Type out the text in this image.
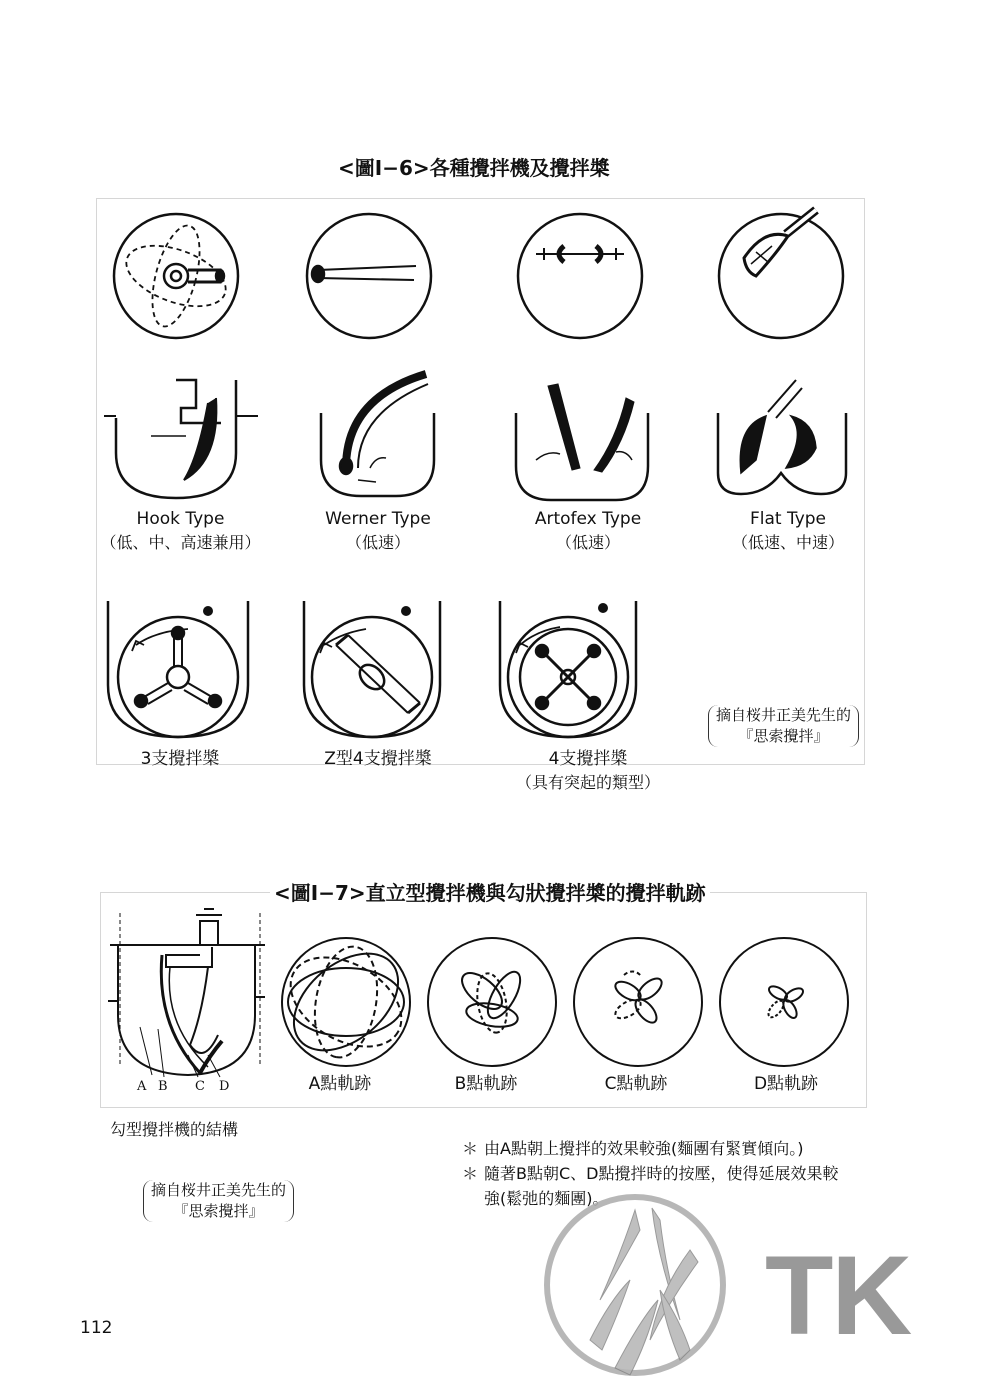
<圖Ⅰ−6>各種攪拌機及攪拌槳
Hook Type
（低、中、高速兼用）
Werner Type
（低速）
Artofex Type
（低速）
Flat Type
（低速、中速）
3支攪拌槳	Z型4支攪拌槳	4支攪拌槳
（具有突起的類型）
摘自桜井正美先生的
『思索攪拌』
<圖Ⅰ−7>直立型攪拌機與勾狀攪拌槳的攪拌軌跡
A B C D	A點軌跡	B點軌跡	C點軌跡	D點軌跡
勾型攪拌機的結構
摘自桜井正美先生的
『思索攪拌』
＊ 由A點朝上攪拌的效果較強(麵團有緊實傾向。)
＊ 隨著B點朝C、D點攪拌時的按壓，使得延展效果較
強(鬆弛的麵團)。
TK
112
